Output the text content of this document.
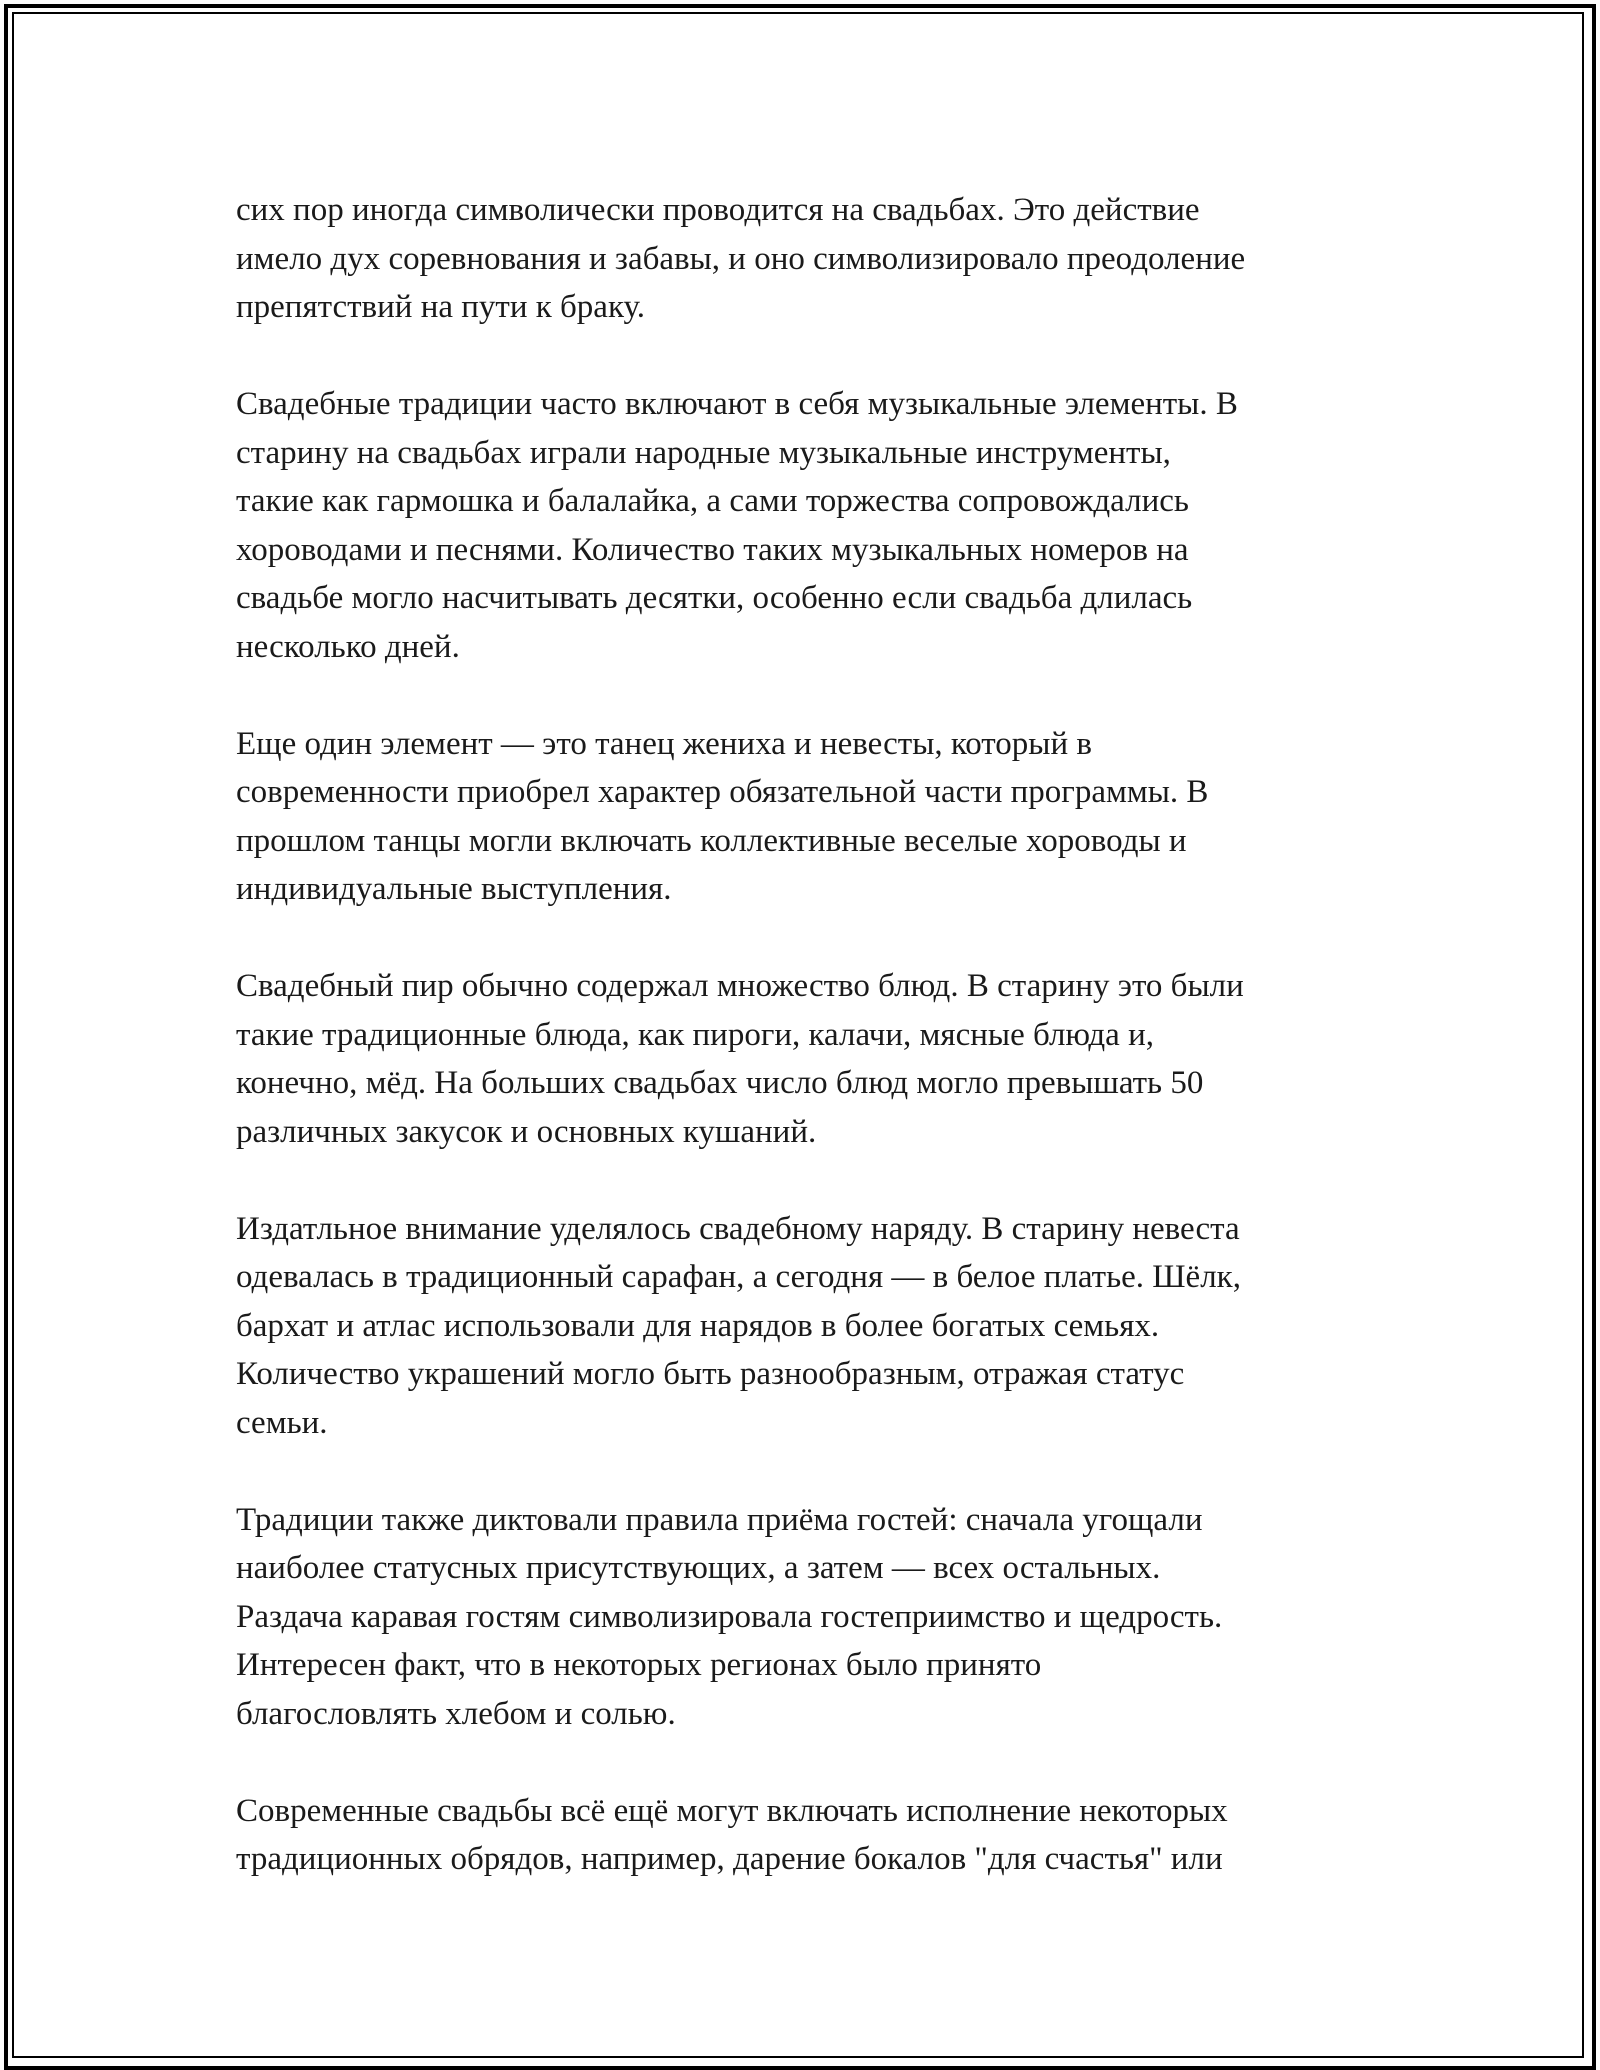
сих пор иногда символически проводится на свадьбах. Это действие
имело дух соревнования и забавы, и оно символизировало преодоление
препятствий на пути к браку.

Свадебные традиции часто включают в себя музыкальные элементы. В
старину на свадьбах играли народные музыкальные инструменты,
такие как гармошка и балалайка, а сами торжества сопровождались
хороводами и песнями. Количество таких музыкальных номеров на
свадьбе могло насчитывать десятки, особенно если свадьба длилась
несколько дней.

Еще один элемент — это танец жениха и невесты, который в
современности приобрел характер обязательной части программы. В
прошлом танцы могли включать коллективные веселые хороводы и
индивидуальные выступления.

Свадебный пир обычно содержал множество блюд. В старину это были
такие традиционные блюда, как пироги, калачи, мясные блюда и,
конечно, мёд. На больших свадьбах число блюд могло превышать 50
различных закусок и основных кушаний.

Издатльное внимание уделялось свадебному наряду. В старину невеста
одевалась в традиционный сарафан, а сегодня — в белое платье. Шёлк,
бархат и атлас использовали для нарядов в более богатых семьях.
Количество украшений могло быть разнообразным, отражая статус
семьи.

Традиции также диктовали правила приёма гостей: сначала угощали
наиболее статусных присутствующих, а затем — всех остальных.
Раздача каравая гостям символизировала гостеприимство и щедрость.
Интересен факт, что в некоторых регионах было принято
благословлять хлебом и солью.

Современные свадьбы всё ещё могут включать исполнение некоторых
традиционных обрядов, например, дарение бокалов "для счастья" или
